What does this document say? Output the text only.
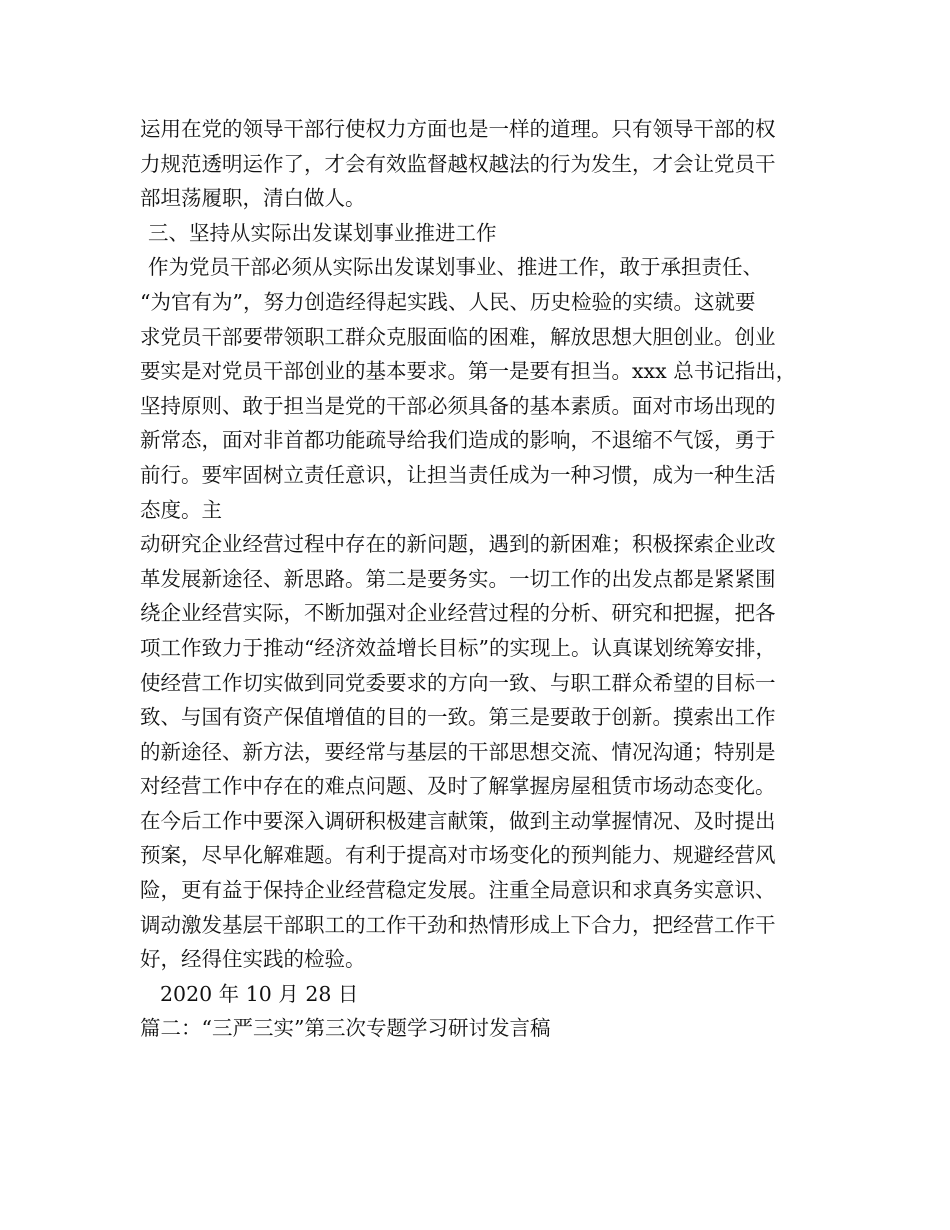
运用在党的领导干部行使权力方面也是一样的道理。只有领导干部的权
力规范透明运作了，才会有效监督越权越法的行为发生，才会让党员干
部坦荡履职，清白做人。
三、坚持从实际出发谋划事业推进工作
作为党员干部必须从实际出发谋划事业、推进工作，敢于承担责任、
“为官有为”，努力创造经得起实践、人民、历史检验的实绩。这就要
求党员干部要带领职工群众克服面临的困难，解放思想大胆创业。创业
要实是对党员干部创业的基本要求。第一是要有担当。xxx 总书记指出，
坚持原则、敢于担当是党的干部必须具备的基本素质。面对市场出现的
新常态，面对非首都功能疏导给我们造成的影响，不退缩不气馁，勇于
前行。要牢固树立责任意识，让担当责任成为一种习惯，成为一种生活
态度。主
动研究企业经营过程中存在的新问题，遇到的新困难；积极探索企业改
革发展新途径、新思路。第二是要务实。一切工作的出发点都是紧紧围
绕企业经营实际，不断加强对企业经营过程的分析、研究和把握，把各
项工作致力于推动“经济效益增长目标”的实现上。认真谋划统筹安排，
使经营工作切实做到同党委要求的方向一致、与职工群众希望的目标一
致、与国有资产保值增值的目的一致。第三是要敢于创新。摸索出工作
的新途径、新方法，要经常与基层的干部思想交流、情况沟通；特别是
对经营工作中存在的难点问题、及时了解掌握房屋租赁市场动态变化。
在今后工作中要深入调研积极建言献策，做到主动掌握情况、及时提出
预案，尽早化解难题。有利于提高对市场变化的预判能力、规避经营风
险，更有益于保持企业经营稳定发展。注重全局意识和求真务实意识、
调动激发基层干部职工的工作干劲和热情形成上下合力，把经营工作干
好，经得住实践的检验。
2020 年 10 月 28 日
篇二：“三严三实”第三次专题学习研讨发言稿
